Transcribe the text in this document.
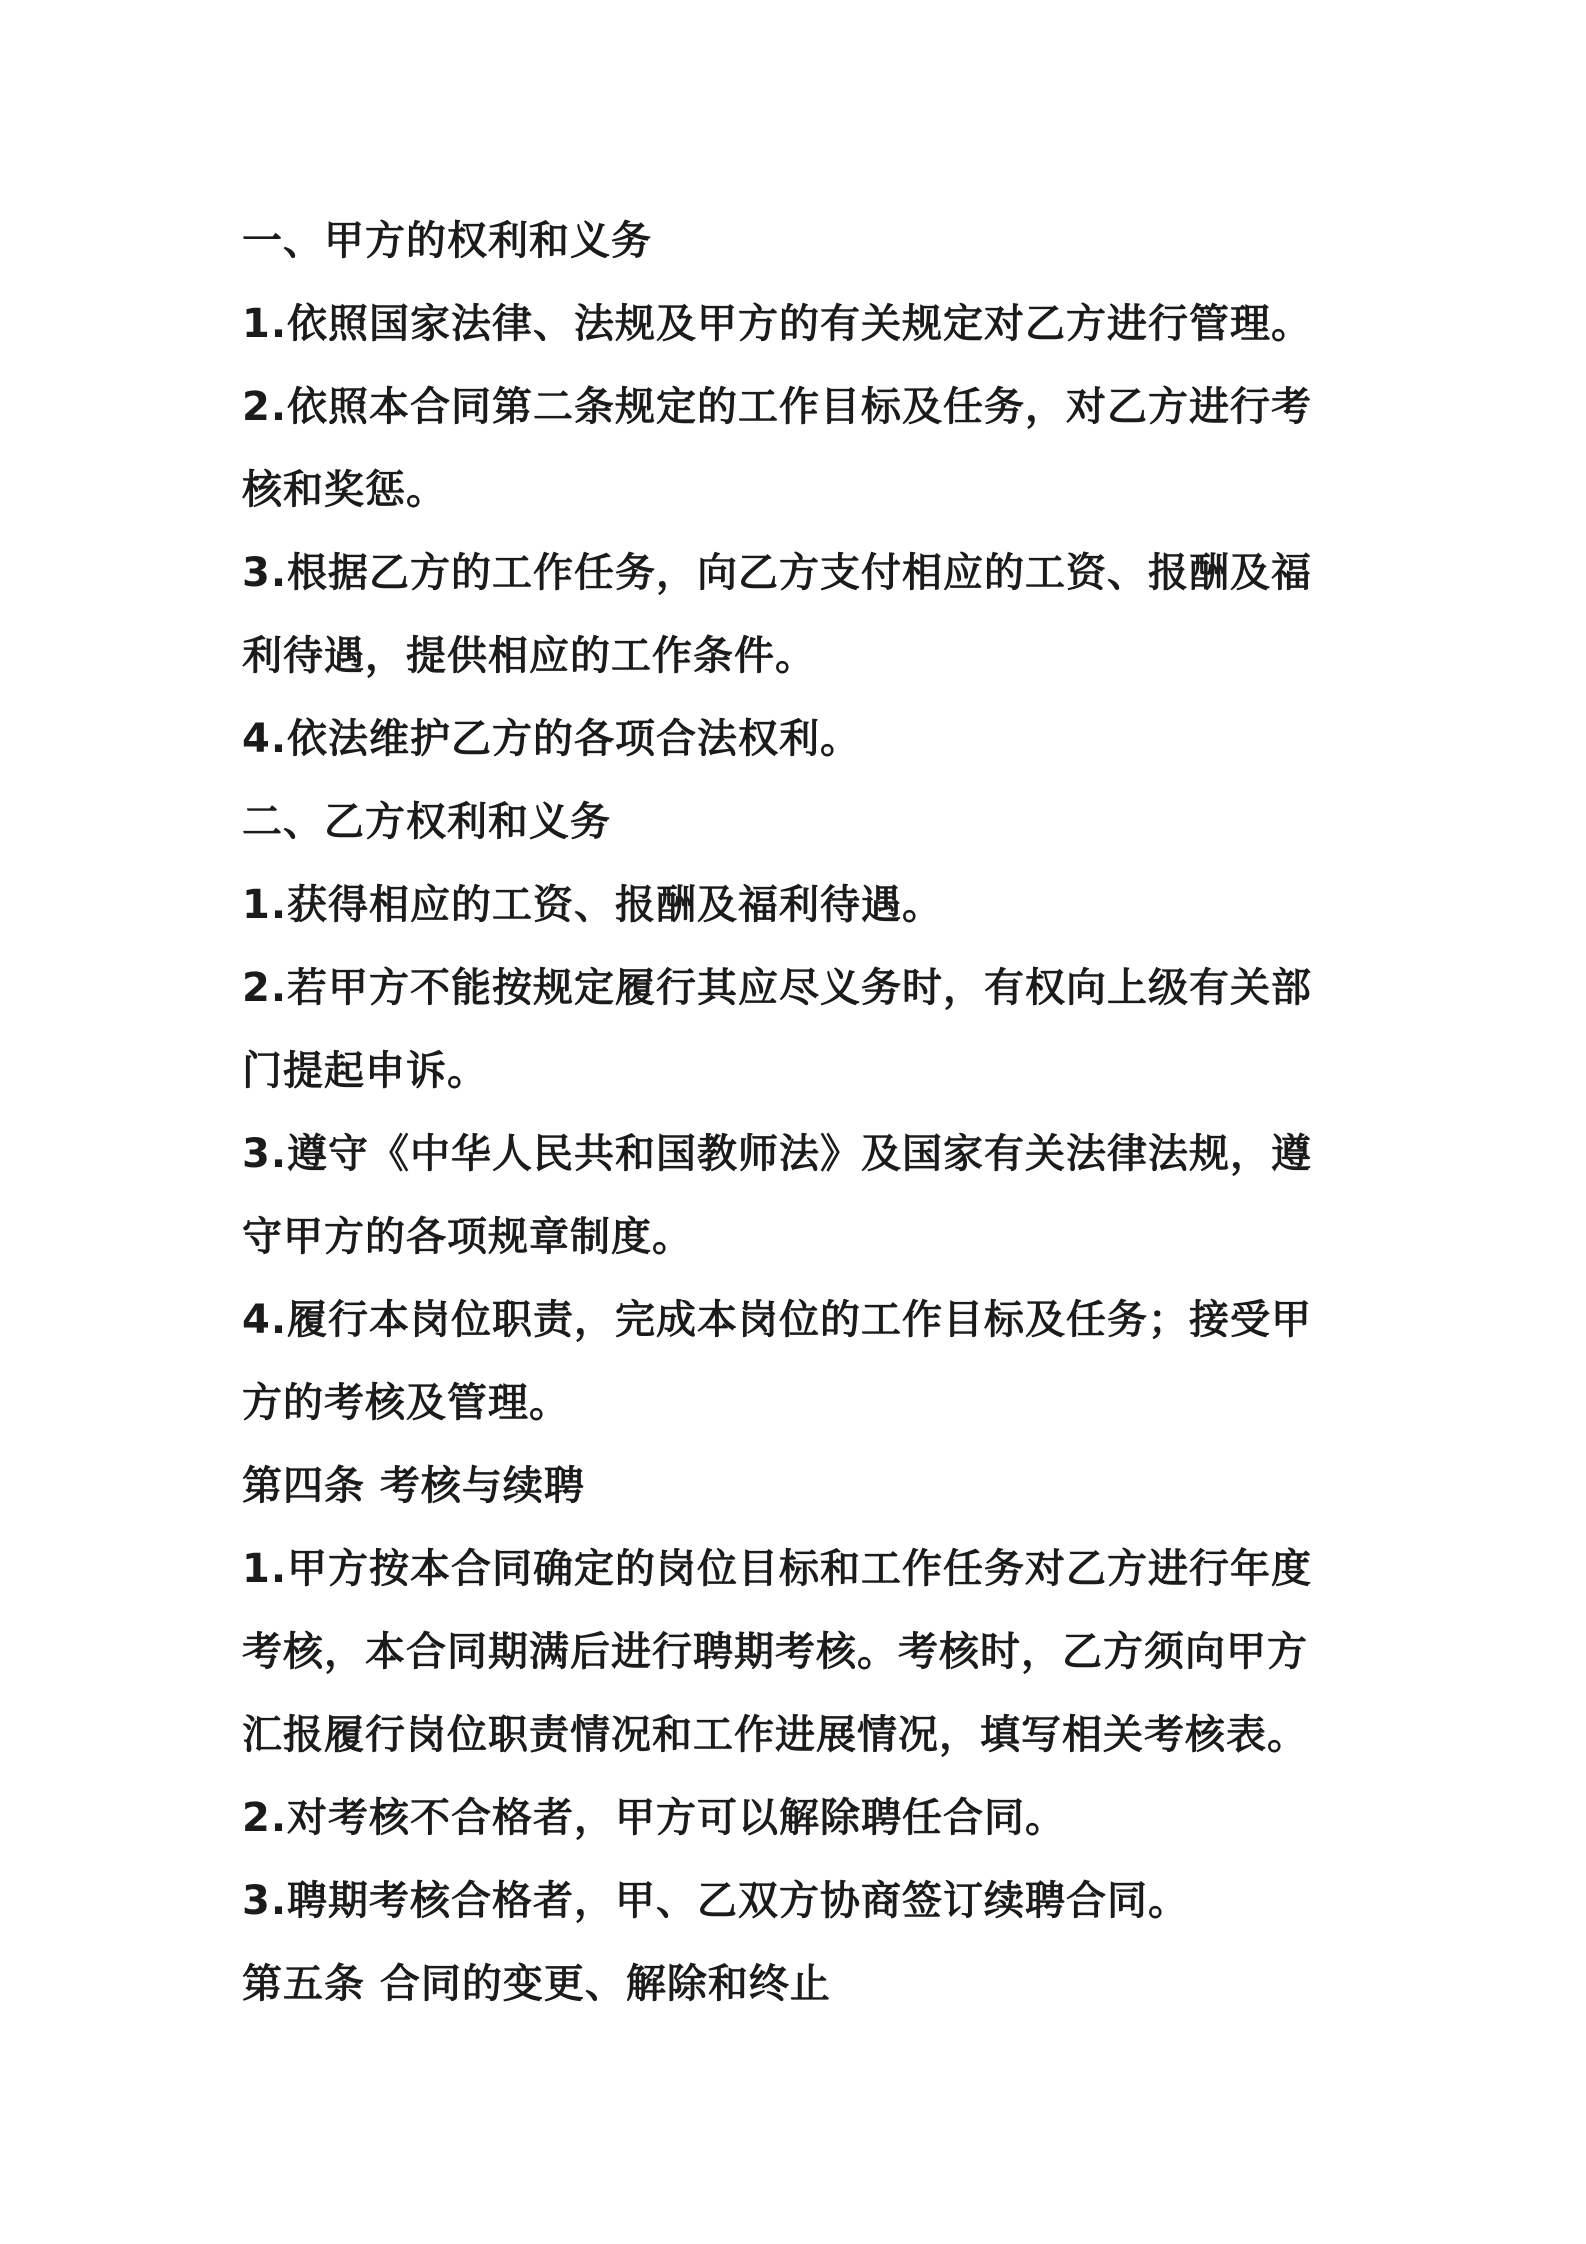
一、甲方的权利和义务
1.依照国家法律、法规及甲方的有关规定对乙方进行管理。
2.依照本合同第二条规定的工作目标及任务，对乙方进行考
核和奖惩。
3.根据乙方的工作任务，向乙方支付相应的工资、报酬及福
利待遇，提供相应的工作条件。
4.依法维护乙方的各项合法权利。
二、乙方权利和义务
1.获得相应的工资、报酬及福利待遇。
2.若甲方不能按规定履行其应尽义务时，有权向上级有关部
门提起申诉。
3.遵守《中华人民共和国教师法》及国家有关法律法规，遵
守甲方的各项规章制度。
4.履行本岗位职责，完成本岗位的工作目标及任务；接受甲
方的考核及管理。
第四条 考核与续聘
1.甲方按本合同确定的岗位目标和工作任务对乙方进行年度
考核，本合同期满后进行聘期考核。考核时，乙方须向甲方
汇报履行岗位职责情况和工作进展情况，填写相关考核表。
2.对考核不合格者，甲方可以解除聘任合同。
3.聘期考核合格者，甲、乙双方协商签订续聘合同。
第五条 合同的变更、解除和终止
